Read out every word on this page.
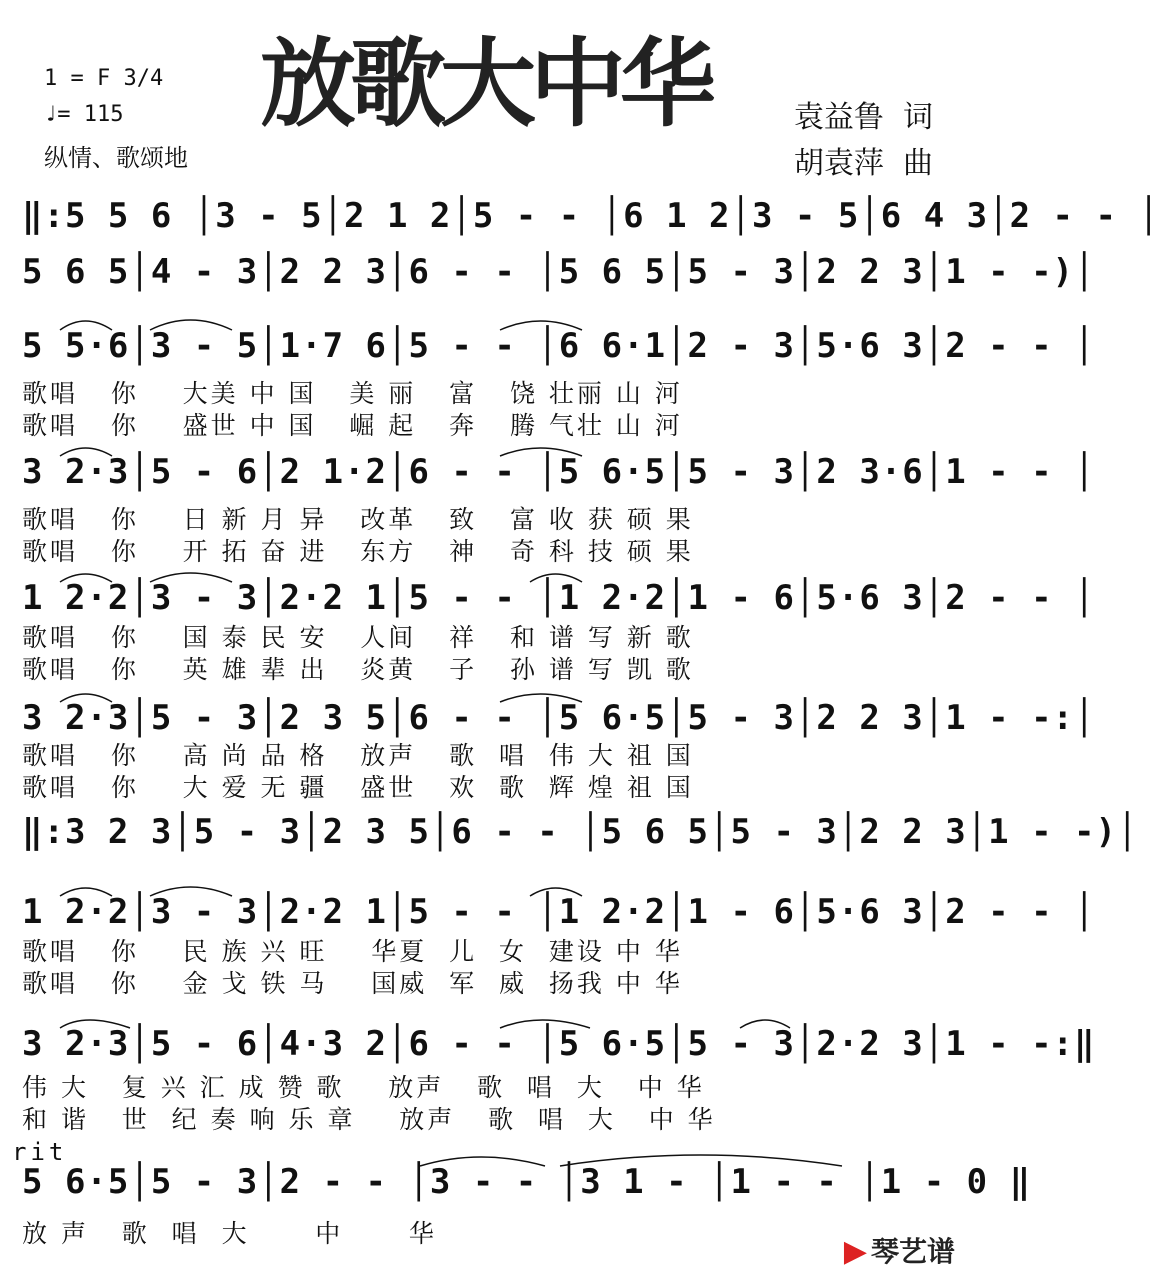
放歌大中华
1 = F 3/4
♩= 115
纵情、歌颂地
袁益鲁  词
胡袁萍  曲
‖:5 5 6 │3 - 5│2 1 2│5 - - │6 1 2│3 - 5│6 4 3│2 - - │
5 6 5│4 - 3│2 2 3│6 - - │5 6 5│5 - 3│2 2 3│1 - -)│
5 5·6│3 - 5│1·7 6│5 - - │6 6·1│2 - 3│5·6 3│2 - - │
歌唱   你    大美 中 国   美 丽   富   饶 壮丽 山 河
歌唱   你    盛世 中 国   崛 起   奔   腾 气壮 山 河
3 2·3│5 - 6│2 1·2│6 - - │5 6·5│5 - 3│2 3·6│1 - - │
歌唱   你    日 新 月 异   改革   致   富 收 获 硕 果
歌唱   你    开 拓 奋 进   东方   神   奇 科 技 硕 果
1 2·2│3 - 3│2·2 1│5 - - │1 2·2│1 - 6│5·6 3│2 - - │
歌唱   你    国 泰 民 安   人间   祥   和 谱 写 新 歌
歌唱   你    英 雄 辈 出   炎黄   子   孙 谱 写 凯 歌
3 2·3│5 - 3│2 3 5│6 - - │5 6·5│5 - 3│2 2 3│1 - -:│
歌唱   你    高 尚 品 格   放声   歌  唱  伟 大 祖 国
歌唱   你    大 爱 无 疆   盛世   欢  歌  辉 煌 祖 国
‖:3 2 3│5 - 3│2 3 5│6 - - │5 6 5│5 - 3│2 2 3│1 - -)│
1 2·2│3 - 3│2·2 1│5 - - │1 2·2│1 - 6│5·6 3│2 - - │
歌唱   你    民 族 兴 旺    华夏  儿  女  建设 中 华
歌唱   你    金 戈 铁 马    国威  军  威  扬我 中 华
3 2·3│5 - 6│4·3 2│6 - - │5 6·5│5 - 3│2·2 3│1 - -:‖
伟 大   复 兴 汇 成 赞 歌    放声   歌  唱  大   中 华
和 谐   世  纪 奏 响 乐 章    放声   歌  唱  大   中 华
rit
5 6·5│5 - 3│2 - - │3 - - │3 1 - │1 - - │1 - 0 ‖
放 声   歌  唱  大      中      华
▶ 琴艺谱
